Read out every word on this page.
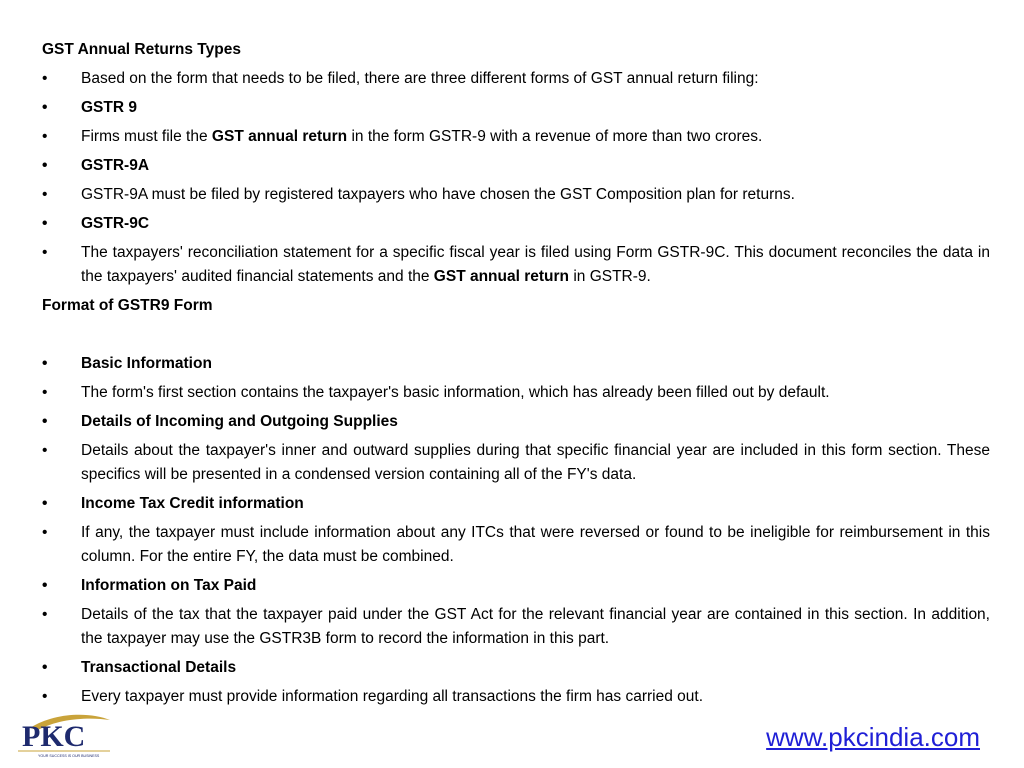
GST Annual Returns Types
• Based on the form that needs to be filed, there are three different forms of GST annual return filing:
• GSTR 9
• Firms must file the GST annual return in the form GSTR-9 with a revenue of more than two crores.
• GSTR-9A
• GSTR-9A must be filed by registered taxpayers who have chosen the GST Composition plan for returns.
• GSTR-9C
• The taxpayers' reconciliation statement for a specific fiscal year is filed using Form GSTR-9C. This document reconciles the data in the taxpayers' audited financial statements and the GST annual return in GSTR-9.
Format of GSTR9 Form
• Basic Information
• The form's first section contains the taxpayer's basic information, which has already been filled out by default.
• Details of Incoming and Outgoing Supplies
• Details about the taxpayer's inner and outward supplies during that specific financial year are included in this form section. These specifics will be presented in a condensed version containing all of the FY's data.
• Income Tax Credit information
• If any, the taxpayer must include information about any ITCs that were reversed or found to be ineligible for reimbursement in this column. For the entire FY, the data must be combined.
• Information on Tax Paid
• Details of the tax that the taxpayer paid under the GST Act for the relevant financial year are contained in this section. In addition, the taxpayer may use the GSTR3B form to record the information in this part.
• Transactional Details
• Every taxpayer must provide information regarding all transactions the firm has carried out.
PKC
YOUR SUCCESS IS OUR BUSINESS
www.pkcindia.com
